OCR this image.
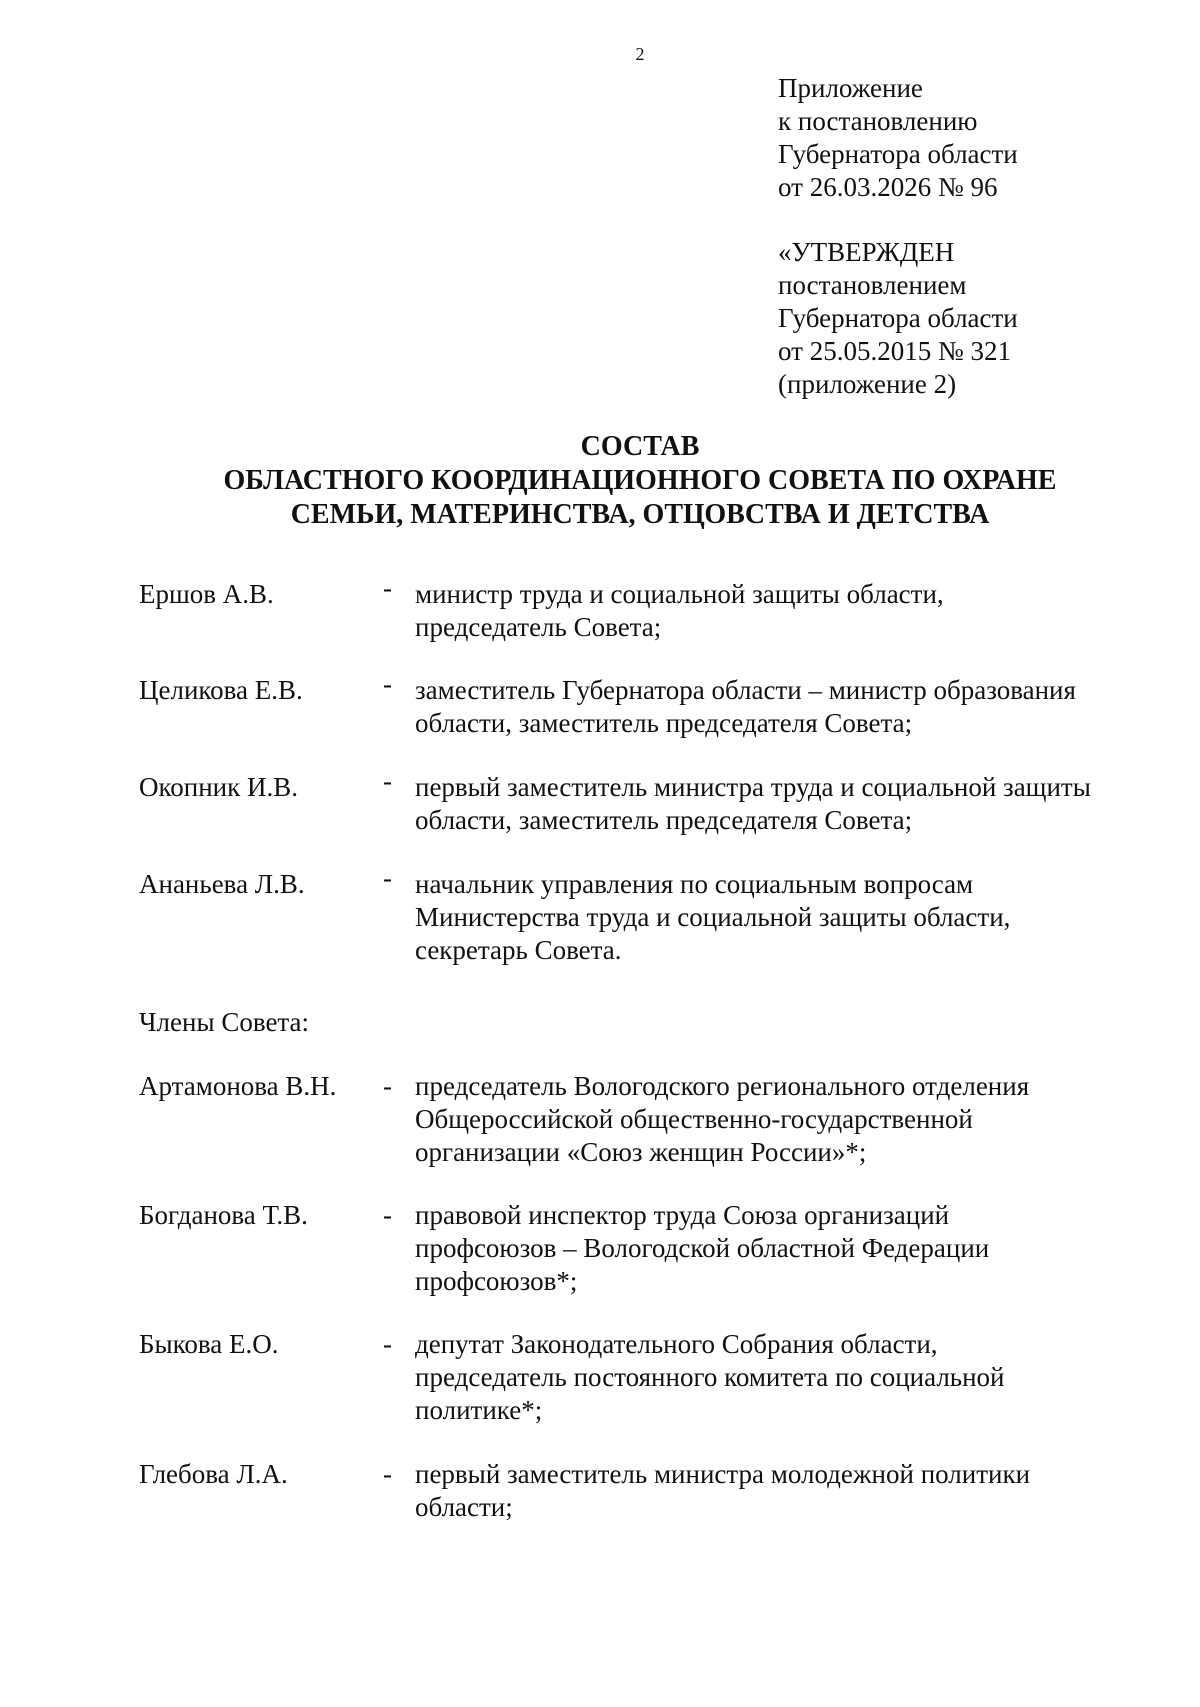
2
Приложение
к постановлению
Губернатора области
от 26.03.2026 № 96
«УТВЕРЖДЕН
постановлением
Губернатора области
от 25.05.2015 № 321
(приложение 2)
СОСТАВ
ОБЛАСТНОГО КООРДИНАЦИОННОГО СОВЕТА ПО ОХРАНЕ
СЕМЬИ, МАТЕРИНСТВА, ОТЦОВСТВА И ДЕТСТВА
Ершов А.В.	- министр труда и социальной защиты области,
председатель Совета;
Целикова Е.В.	- заместитель Губернатора области – министр образования
области, заместитель председателя Совета;
Окопник И.В.	- первый заместитель министра труда и социальной защиты
области, заместитель председателя Совета;
Ананьева Л.В.	- начальник управления по социальным вопросам
Министерства труда и социальной защиты области,
секретарь Совета.
Члены Совета:
Артамонова В.Н. - председатель Вологодского регионального отделения
Общероссийской общественно-государственной
организации «Союз женщин России»*;
Богданова Т.В.	- правовой инспектор труда Союза организаций
профсоюзов – Вологодской областной Федерации
профсоюзов*;
Быкова Е.О.	- депутат Законодательного Собрания области,
председатель постоянного комитета по социальной
политике*;
Глебова Л.А.	- первый заместитель министра молодежной политики
области;
